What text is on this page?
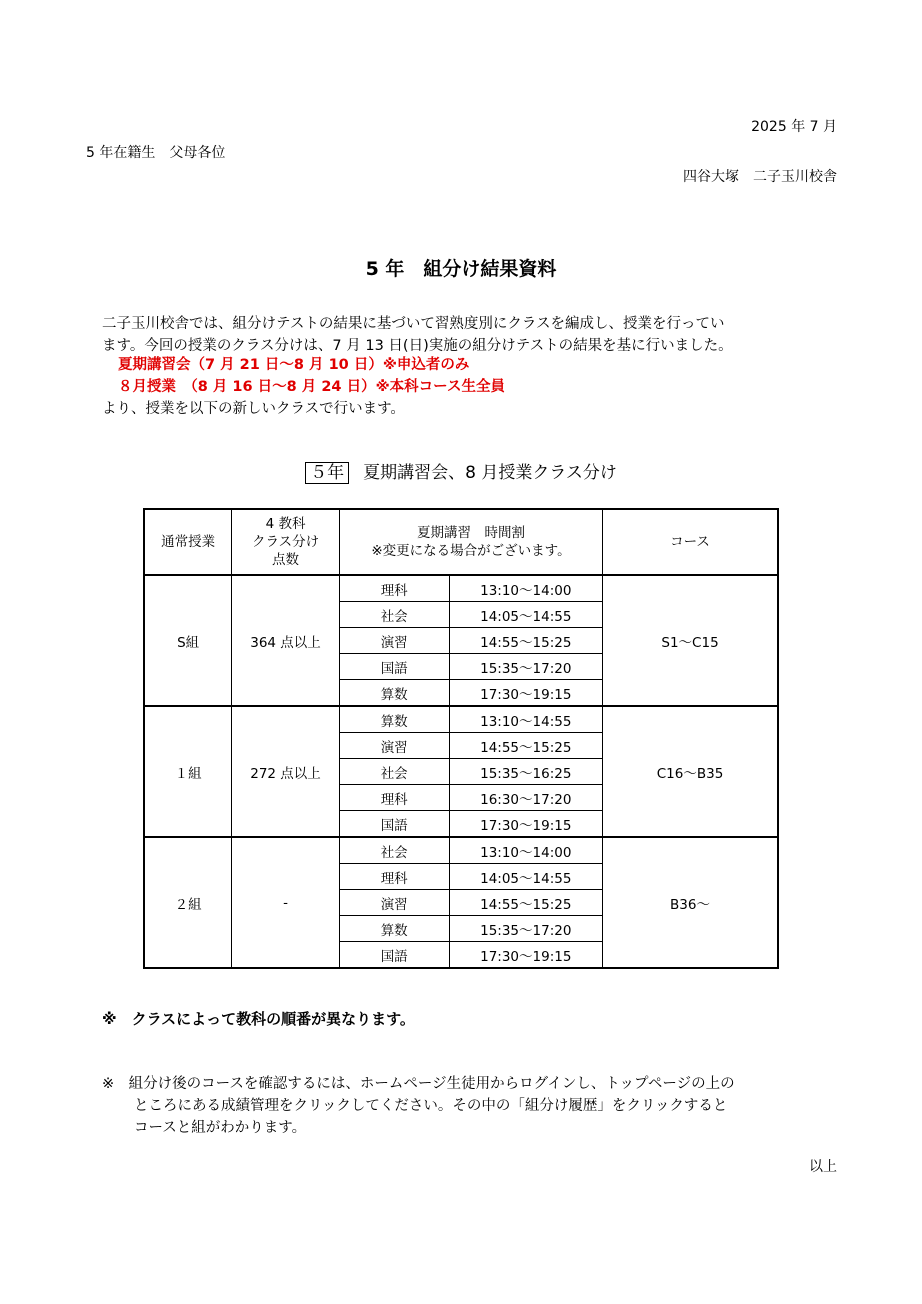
2025 年 7 月
5 年在籍生　父母各位
四谷大塚　二子玉川校舎
5 年　組分け結果資料
二子玉川校舎では、組分けテストの結果に基づいて習熟度別にクラスを編成し、授業を行ってい
ます。今回の授業のクラス分けは、7 月 13 日(日)実施の組分けテストの結果を基に行いました。
夏期講習会（7 月 21 日～8 月 10 日）※申込者のみ
８月授業　（8 月 16 日～8 月 24 日）※本科コース生全員
より、授業を以下の新しいクラスで行います。
５年 夏期講習会、8 月授業クラス分け
通常授業	4 教科
クラス分け
点数	夏期講習　時間割
※変更になる場合がございます。		コース
S組	364 点以上	理科	13:10～14:00	S1～C15
		社会	14:05～14:55	
		演習	14:55～15:25	
		国語	15:35～17:20	
		算数	17:30～19:15	
１組	272 点以上	算数	13:10～14:55	C16～B35
		演習	14:55～15:25	
		社会	15:35～16:25	
		理科	16:30～17:20	
		国語	17:30～19:15	
２組	-	社会	13:10～14:00	B36～
		理科	14:05～14:55	
		演習	14:55～15:25	
		算数	15:35～17:20	
		国語	17:30～19:15	
※　クラスによって教科の順番が異なります。
※　組分け後のコースを確認するには、ホームページ生徒用からログインし、トップページの上の
ところにある成績管理をクリックしてください。その中の「組分け履歴」をクリックすると
コースと組がわかります。
以上
